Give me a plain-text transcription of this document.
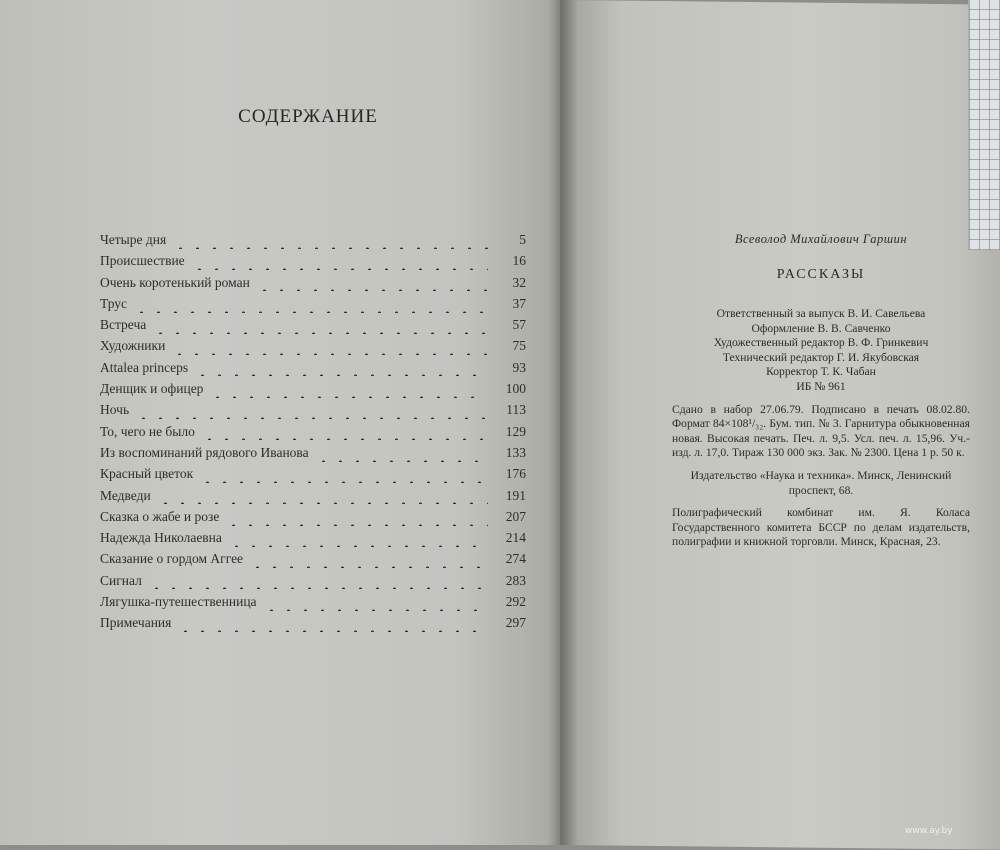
СОДЕРЖАНИЕ
Четыре дня	5
Происшествие	16
Очень коротенький роман	32
Трус	37
Встреча	57
Художники	75
Attalea princeps	93
Денщик и офицер	100
Ночь	113
То, чего не было	129
Из воспоминаний рядового Иванова	133
Красный цветок	176
Медведи	191
Сказка о жабе и розе	207
Надежда Николаевна	214
Сказание о гордом Аггее	274
Сигнал	283
Лягушка-путешественница	292
Примечания	297
Всеволод Михайлович Гаршин
РАССКАЗЫ
Ответственный за выпуск В. И. Савельева
Оформление В. В. Савченко
Художественный редактор В. Ф. Гринкевич
Технический редактор Г. И. Якубовская
Корректор Т. К. Чабан
ИБ № 961
Сдано в набор 27.06.79. Подписано в печать 08.02.80. Формат 84×108¹/₃₂. Бум. тип. № 3. Гарнитура обыкновенная новая. Высокая печать. Печ. л. 9,5. Усл. печ. л. 15,96. Уч.-изд. л. 17,0. Тираж 130 000 экз. Зак. № 2300. Цена 1 р. 50 к.
Издательство «Наука и техника». Минск, Ленинский проспект, 68.
Полиграфический комбинат им. Я. Коласа Государственного комитета БССР по делам издательств, полиграфии и книжной торговли. Минск, Красная, 23.
www.ay.by
